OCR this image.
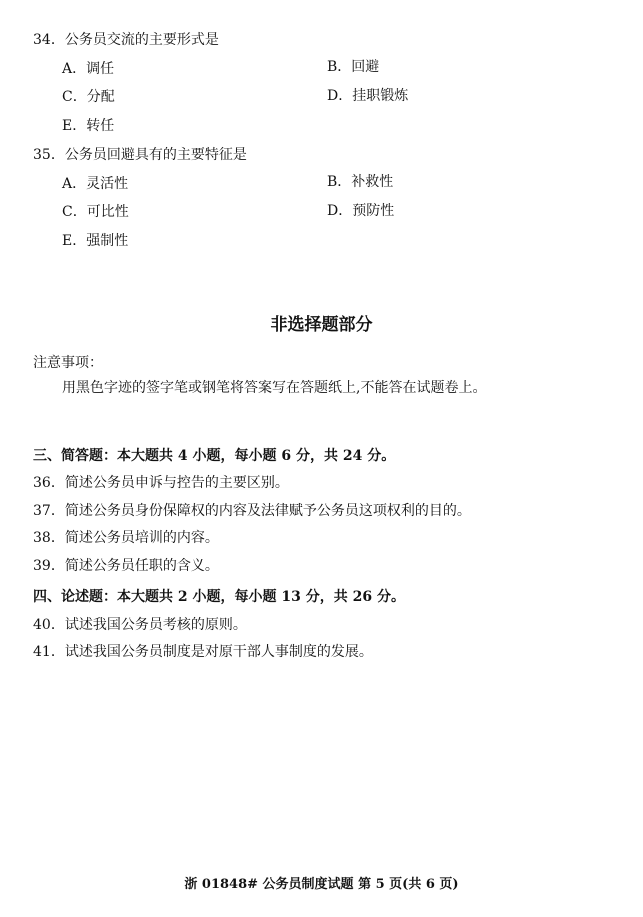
34．公务员交流的主要形式是
A．调任	B．回避
C．分配	D．挂职锻炼
E．转任
35．公务员回避具有的主要特征是
A．灵活性	B．补救性
C．可比性	D．预防性
E．强制性
非选择题部分
注意事项：
用黑色字迹的签字笔或钢笔将答案写在答题纸上,不能答在试题卷上。
三、简答题：本大题共 4 小题，每小题 6 分，共 24 分。
36．简述公务员申诉与控告的主要区别。
37．简述公务员身份保障权的内容及法律赋予公务员这项权利的目的。
38．简述公务员培训的内容。
39．简述公务员任职的含义。
四、论述题：本大题共 2 小题，每小题 13 分，共 26 分。
40．试述我国公务员考核的原则。
41．试述我国公务员制度是对原干部人事制度的发展。
浙 01848# 公务员制度试题 第 5 页(共 6 页)
